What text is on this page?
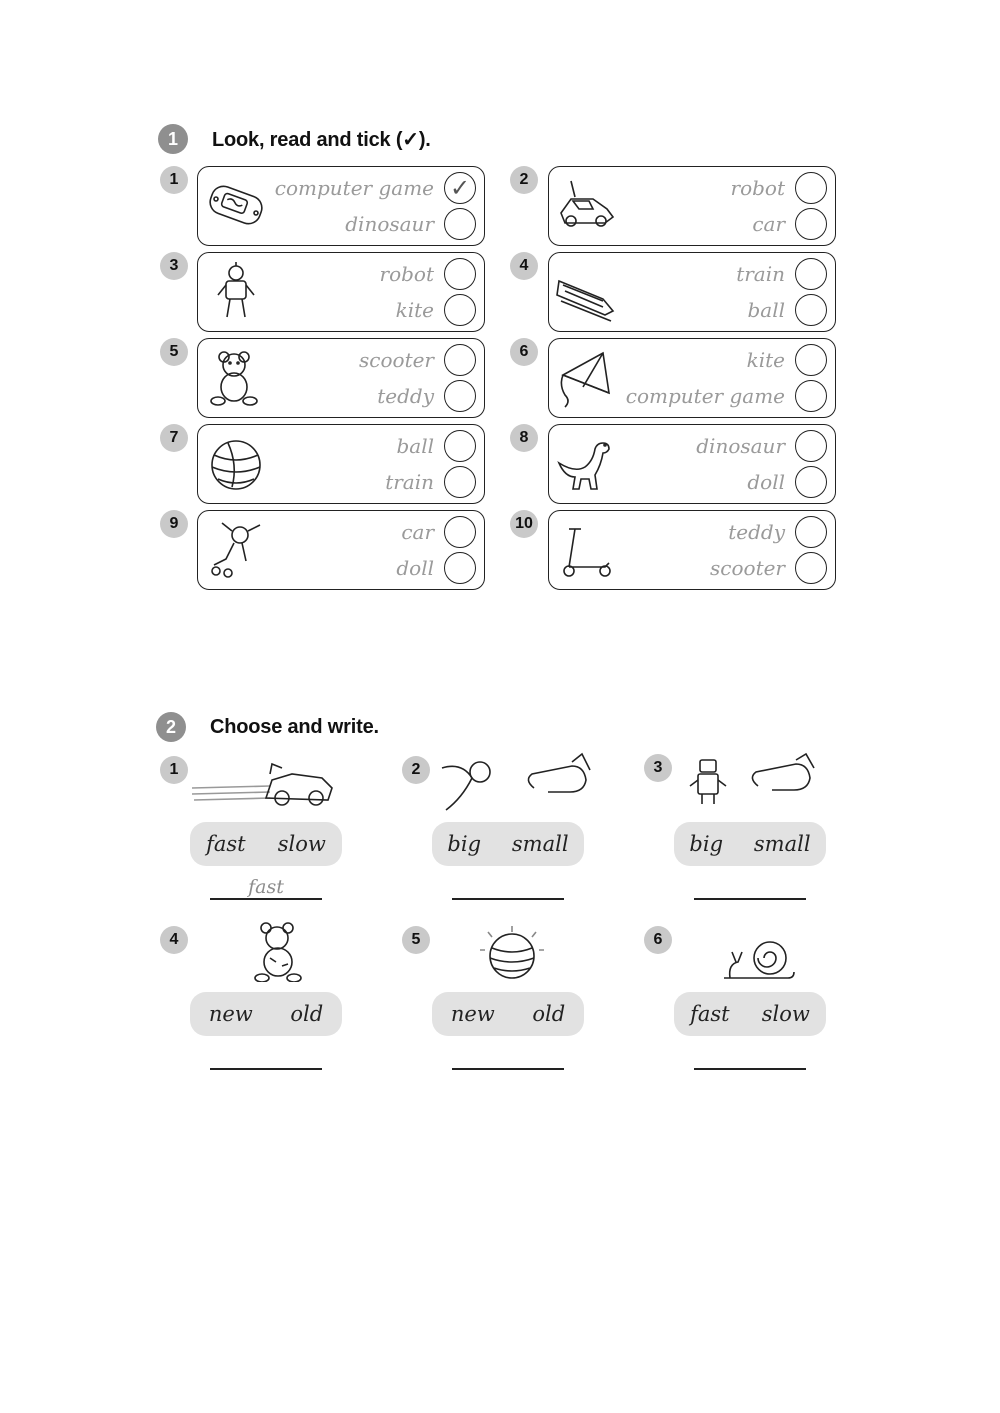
1	Look, read and tick (✓).
1	computer game ✓
dinosaur
2	robot
car
3	robot
kite
4	train
ball
5	scooter
teddy
6	kite
computer game
7	ball
train
8	dinosaur
doll
9	car
doll
10	teddy
scooter
2	Choose and write.
1
fast slow
fast
2
big small
3
big small
4
new old
5
new old
6
fast slow
